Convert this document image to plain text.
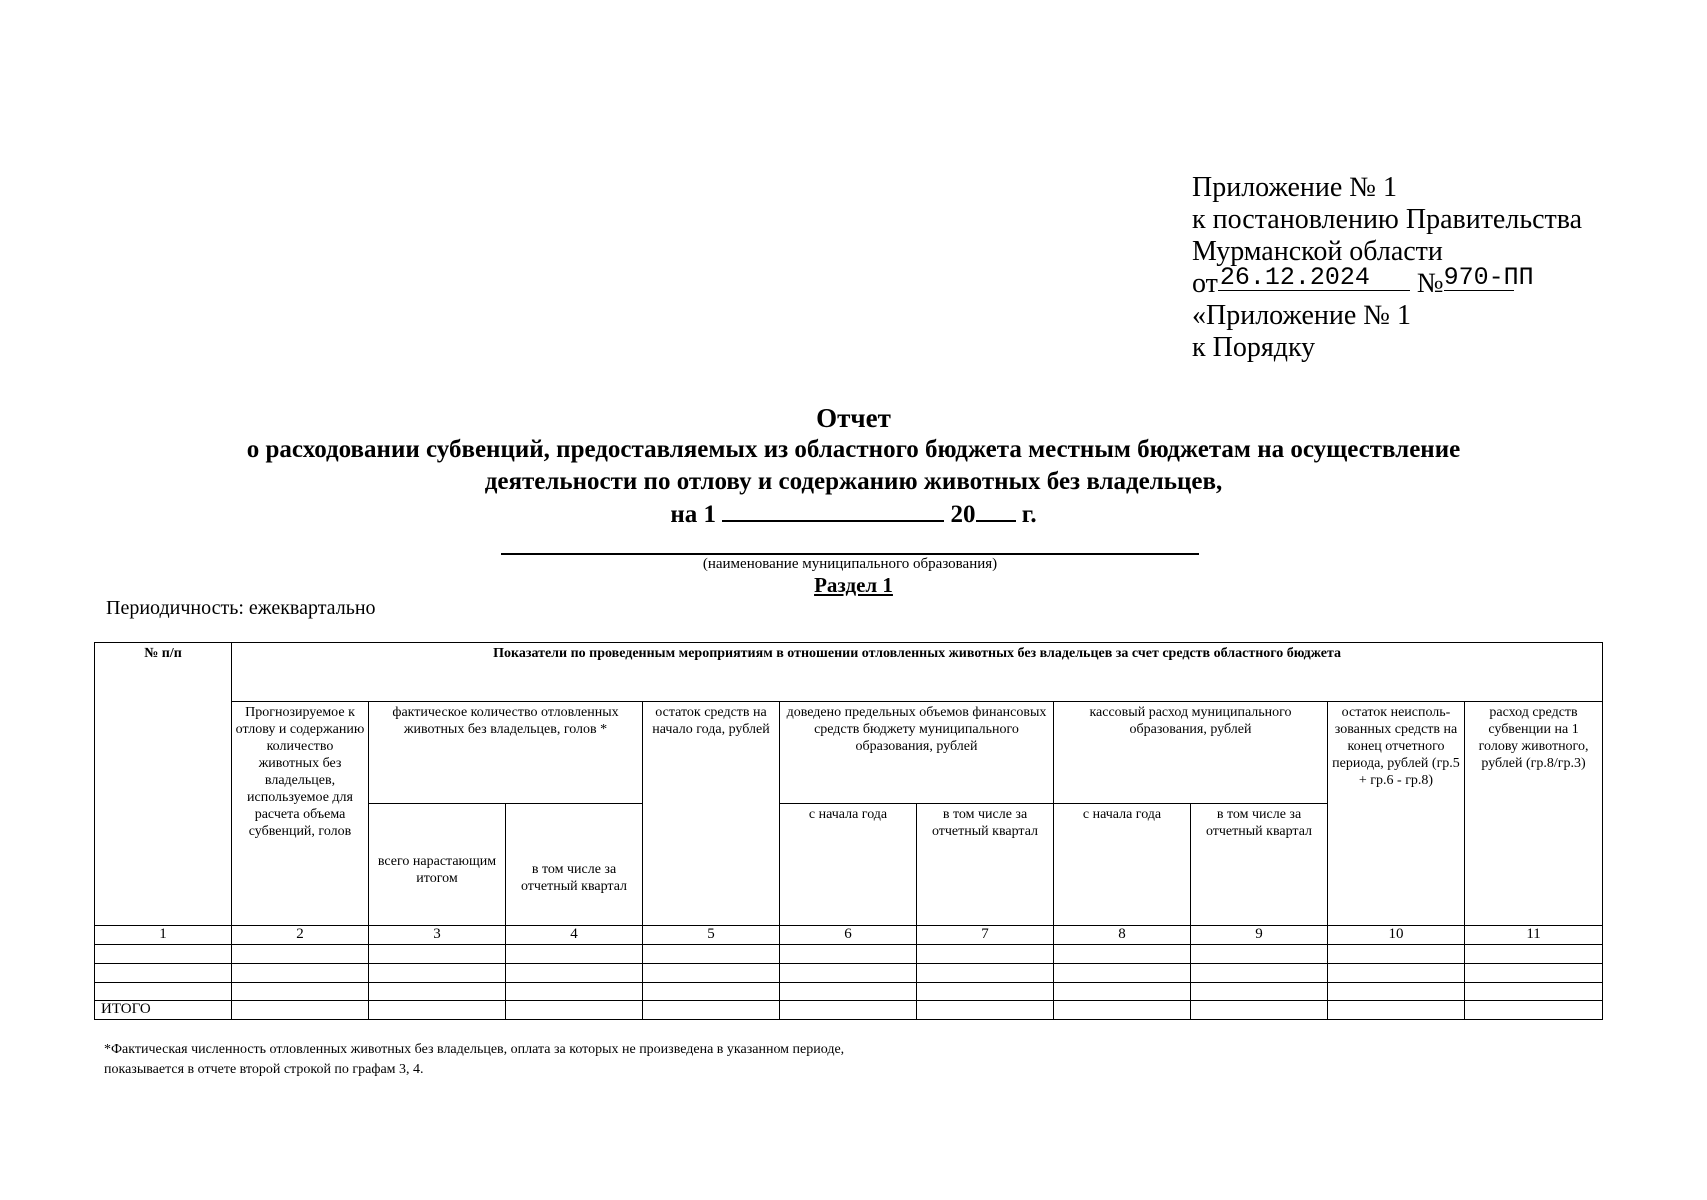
Приложение № 1
к постановлению Правительства
Мурманской области
от26.12.2024 №970-ПП
«Приложение № 1
к Порядку
Отчет
о расходовании субвенций, предоставляемых из областного бюджета местным бюджетам на осуществление
деятельности по отлову и содержанию животных без владельцев,
на 1	20 г.
(наименование муниципального образования)
Раздел 1
Периодичность: ежеквартально
№ п/п	Показатели по проведенным мероприятиям в отношении отловленных животных без владельцев за счет средств областного бюджета									
	Прогнозируемое к отлову и содержанию количество животных без владельцев, используемое для расчета объема субвенций, голов	фактическое количество отловленных животных без владельцев, голов *		остаток средств на начало года, рублей	доведено предельных объемов финансовых средств бюджету муниципального образования, рублей		кассовый расход муниципального образования, рублей		остаток неисполь-зованных средств на конец отчетного периода, рублей (гр.5 + гр.6 - гр.8)	расход средств субвенции на 1 голову животного, рублей (гр.8/гр.3)
		всего нарастающим итогом	в том числе за отчетный квартал		с начала года	в том числе за отчетный квартал	с начала года	в том числе за отчетный квартал		

1	2	3	4	5	6	7	8	9	10	11

ИТОГО										
*Фактическая численность отловленных животных без владельцев, оплата за которых не произведена в указанном периоде,
показывается в отчете второй строкой по графам 3, 4.
